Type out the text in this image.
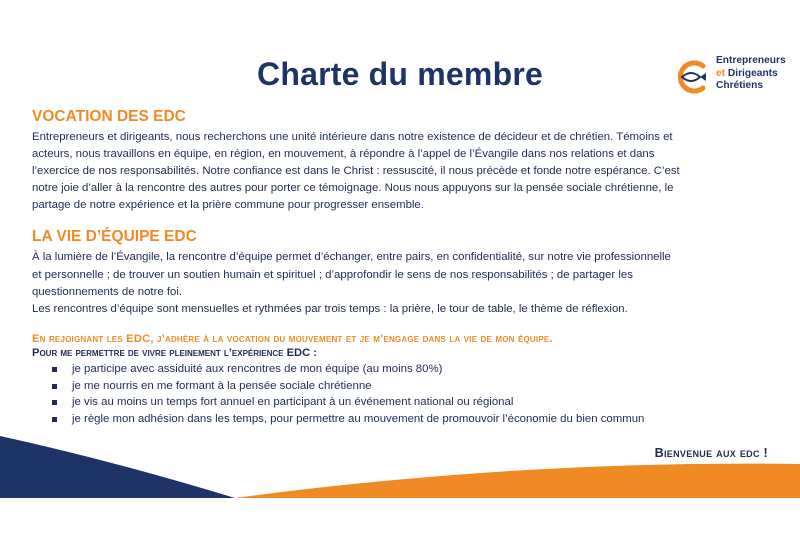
Charte du membre	Entrepreneurs
et Dirigeants
Chrétiens
VOCATION DES EDC

Entrepreneurs et dirigeants, nous recherchons une unité intérieure dans notre existence de décideur et de chrétien. Témoins et
acteurs, nous travaillons en équipe, en région, en mouvement, à répondre à l’appel de l’Évangile dans nos relations et dans
l’exercice de nos responsabilités. Notre confiance est dans le Christ : ressuscité, il nous précède et fonde notre espérance. C’est
notre joie d’aller à la rencontre des autres pour porter ce témoignage. Nous nous appuyons sur la pensée sociale chrétienne, le
partage de notre expérience et la prière commune pour progresser ensemble.

LA VIE D’ÉQUIPE EDC

À la lumière de l’Évangile, la rencontre d’équipe permet d’échanger, entre pairs, en confidentialité, sur notre vie professionnelle
et personnelle ; de trouver un soutien humain et spirituel ; d’approfondir le sens de nos responsabilités ; de partager les
questionnements de notre foi.
Les rencontres d’équipe sont mensuelles et rythmées par trois temps : la prière, le tour de table, le thème de réflexion.

En rejoignant les EDC, j’adhère à la vocation du mouvement et je m’engage dans la vie de mon équipe.
Pour me permettre de vivre pleinement l’expérience EDC :
je participe avec assiduité aux rencontres de mon équipe (au moins 80%)
je me nourris en me formant à la pensée sociale chrétienne
je vis au moins un temps fort annuel en participant à un événement national ou régional
je règle mon adhésion dans les temps, pour permettre au mouvement de promouvoir l’économie du bien commun
Bienvenue aux edc !
